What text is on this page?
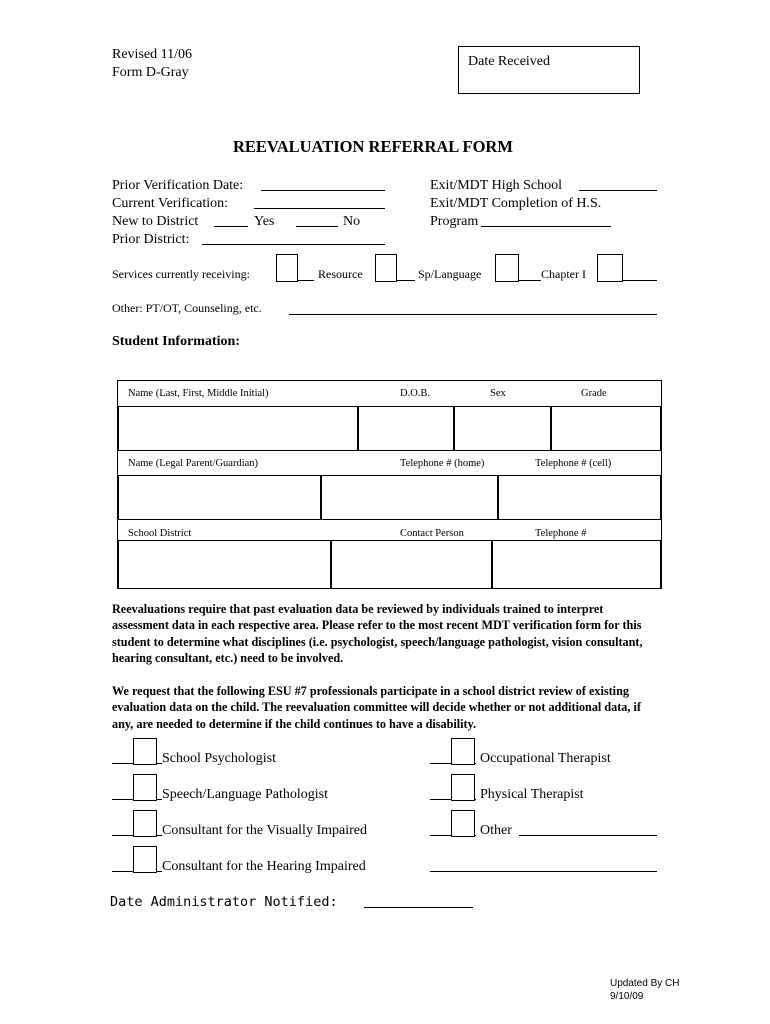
Revised 11/06
Form D-Gray
Date Received
REEVALUATION REFERRAL FORM
Prior Verification Date:
Current Verification:
New to District	Yes	No
Prior District:
Exit/MDT High School
Exit/MDT Completion of H.S.
Program
Services currently receiving:	Resource	Sp/Language	Chapter I
Other: PT/OT, Counseling, etc.
Student Information:
Name (Last, First, Middle Initial)	D.O.B.	Sex	Grade
Name (Legal Parent/Guardian)	Telephone # (home)	Telephone # (cell)
School District	Contact Person	Telephone #
Reevaluations require that past evaluation data be reviewed by individuals trained to interpret assessment data in each respective area. Please refer to the most recent MDT verification form for this student to determine what disciplines (i.e. psychologist, speech/language pathologist, vision consultant, hearing consultant, etc.) need to be involved.
We request that the following ESU #7 professionals participate in a school district review of existing evaluation data on the child. The reevaluation committee will decide whether or not additional data, if any, are needed to determine if the child continues to have a disability.
School Psychologist
Speech/Language Pathologist
Consultant for the Visually Impaired
Consultant for the Hearing Impaired
Occupational Therapist
Physical Therapist
Other
Date Administrator Notified:
Updated By CH
9/10/09
